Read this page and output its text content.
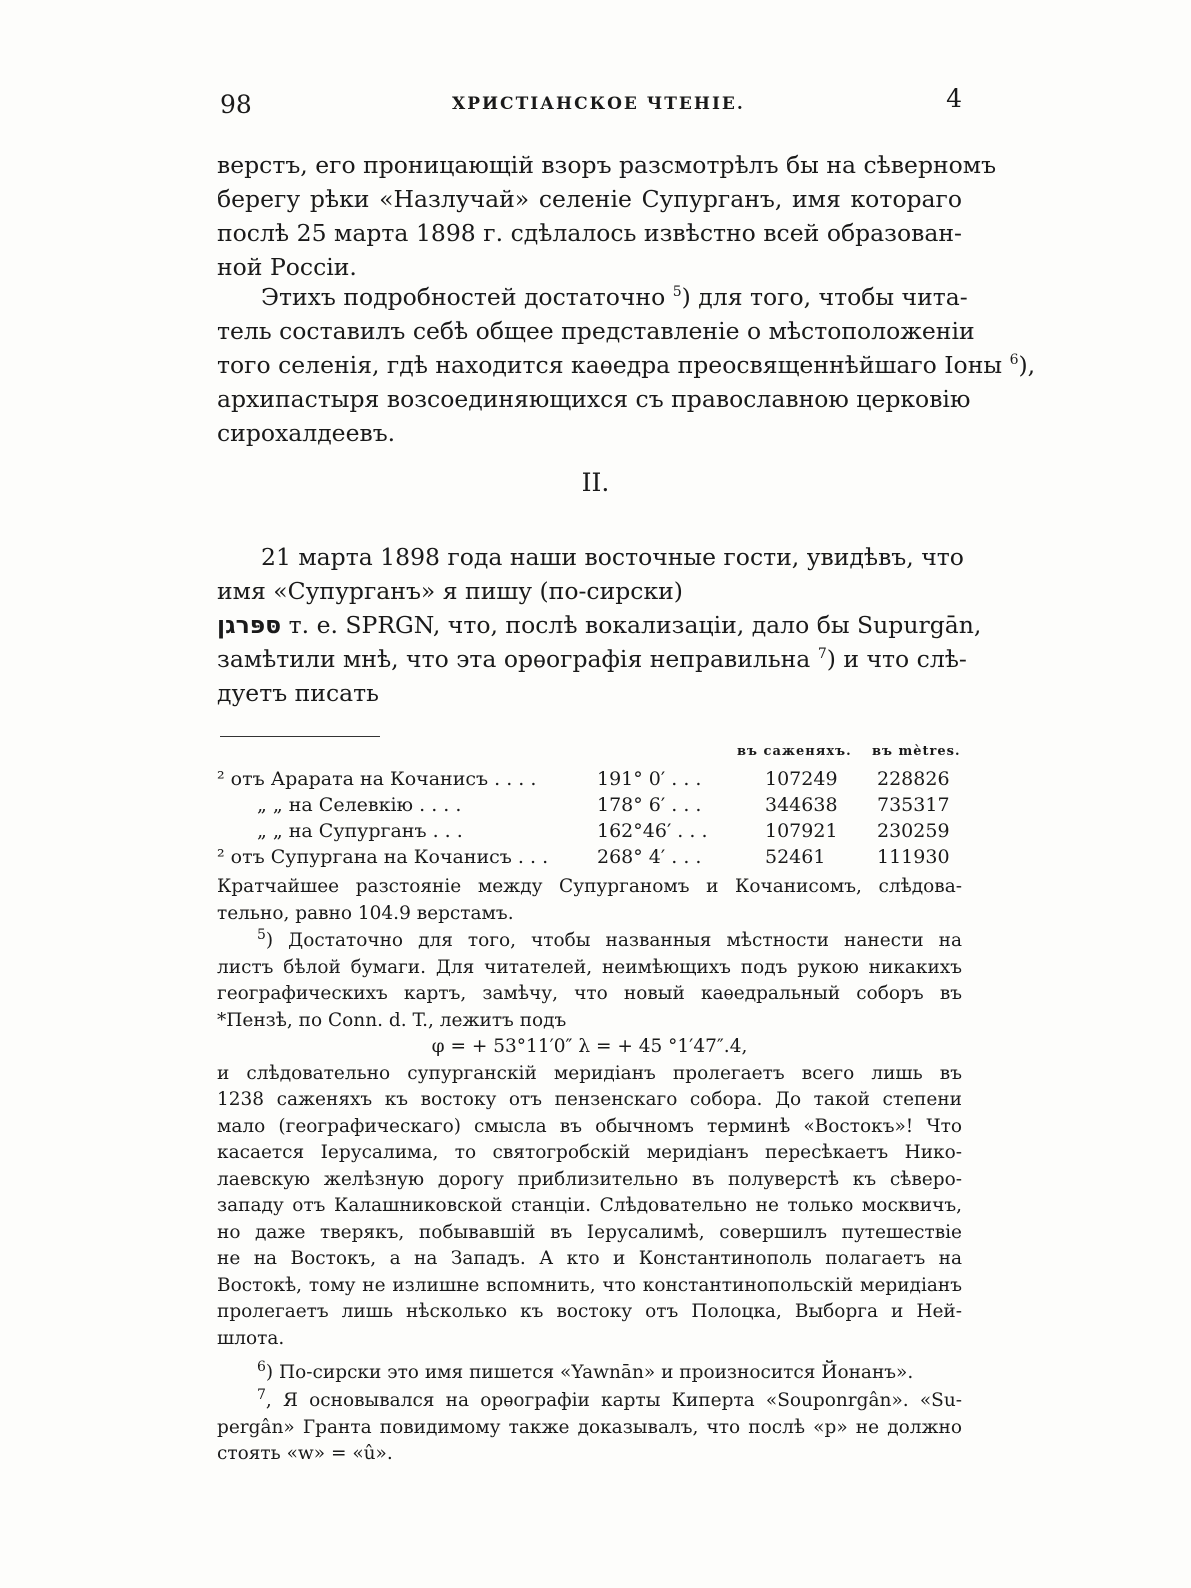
98	ХРИСТІАНСКОЕ ЧТЕНІЕ.	4
верстъ, его проницающій взоръ разсмотрѣлъ бы на сѣверномъ
берегу рѣки «Назлучай» селеніе Супурганъ, имя котораго
послѣ 25 марта 1898 г. сдѣлалось извѣстно всей образован-
ной Россіи.
Этихъ подробностей достаточно $^5$) для того, чтобы чита-
тель составилъ себѣ общее представленіе о мѣстоположеніи
того селенія, гдѣ находится каѳедра преосвященнѣйшаго Іоны $^6$),
архипастыря возсоединяющихся съ православною церковію
сирохалдеевъ.
II.
21 марта 1898 года наши восточные гости, увидѣвъ, что
имя «Супурганъ» я пишу (по-сирски)
סּפּרגן т. е. SPRGN, что, послѣ вокализаціи, дало бы Supurgān,
замѣтили мнѣ, что эта орѳографія неправильна $^7$) и что слѣ-
дуетъ писать
въ саженяхъ. въ mètres.
² отъ Арарата на Кочанисъ . . . .	191° 0′ . . .	107249 228826
„ „ на Селевкію . . . .	178° 6′ . . .	344638 735317
„ „ на Супурганъ . . .	162°46′ . . .	107921 230259
² отъ Супургана на Кочанисъ . . .	268° 4′ . . .	52461	111930
Кратчайшее разстояніе между Супурганомъ и Кочанисомъ, слѣдова-
тельно, равно 104.9 верстамъ.
$^5$) Достаточно для того, чтобы названныя мѣстности нанести на
листъ бѣлой бумаги. Для читателей, неимѣющихъ подъ рукою никакихъ
географическихъ картъ, замѣчу, что новый каѳедральный соборъ въ
*Пензѣ, по Conn. d. T., лежитъ подъ
φ = + 53°11′0″ λ = + 45 °1′47″.4,
и слѣдовательно супурганскій меридіанъ пролегаетъ всего лишь въ
1238 саженяхъ къ востоку отъ пензенскаго собора. До такой степени
мало (географическаго) смысла въ обычномъ терминѣ «Востокъ»! Что
касается Іерусалима, то святогробскій меридіанъ пересѣкаетъ Нико-
лаевскую желѣзную дорогу приблизительно въ полуверстѣ къ сѣверо-
западу отъ Калашниковской станціи. Слѣдовательно не только москвичъ,
но даже тверякъ, побывавшій въ Іерусалимѣ, совершилъ путешествіе
не на Востокъ, а на Западъ. А кто и Константинополь полагаетъ на
Востокѣ, тому не излишне вспомнить, что константинопольскій меридіанъ
пролегаетъ лишь нѣсколько къ востоку отъ Полоцка, Выборга и Ней-
шлота.
$^6$) По-сирски это имя пишется «Yawnān» и произносится Йонанъ».
$^7$, Я основывался на орѳографіи карты Киперта «Souponrgân». «Su-
pergân» Гранта повидимому также доказывалъ, что послѣ «р» не должно
стоять «w» = «û».
